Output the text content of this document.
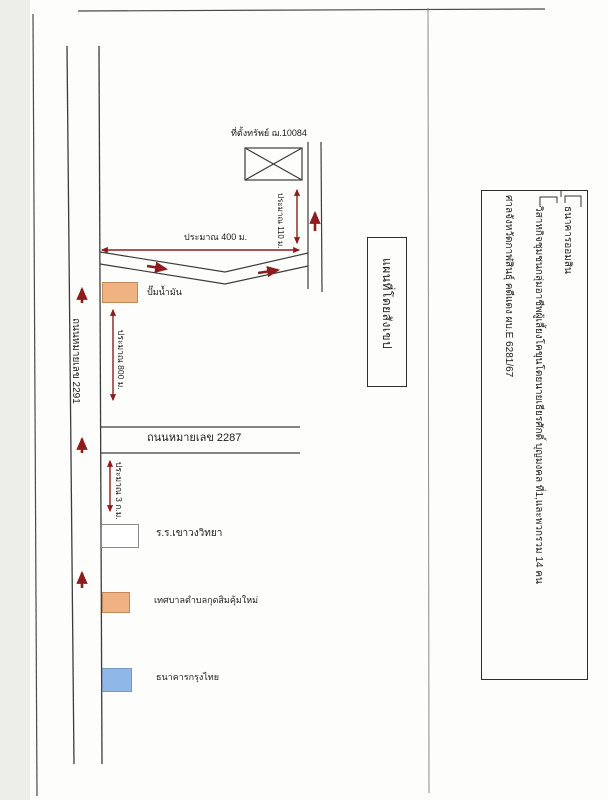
ที่ตั้งทรัพย์ ฌ.10084
ประมาณ 400 ม.	ประมาณ 110 ม.
ถนนหมายเลข 2291	ประมาณ 800 ม.
ถนนหมายเลข 2287
ประมาณ 3 ก.ม.
ปั๊มน้ำมัน
ร.ร.เขาวงวิทยา
เทศบาลตำบลกุดสิมคุ้มใหม่
ธนาคารกรุงไทย
แผนที่โดยสังเขป
ธนาคารออมสิน
วิสาหกิจชุมชนกลุ่มอาชีพผู้เลี้ยงโคขุนโดยนายเธียรศักดิ์ บุญมงคล ที่1,และพวกรวม 14 คน
ศาลจังหวัดกาฬสินธุ์ คดีแดง ผบ.E 6281/67
